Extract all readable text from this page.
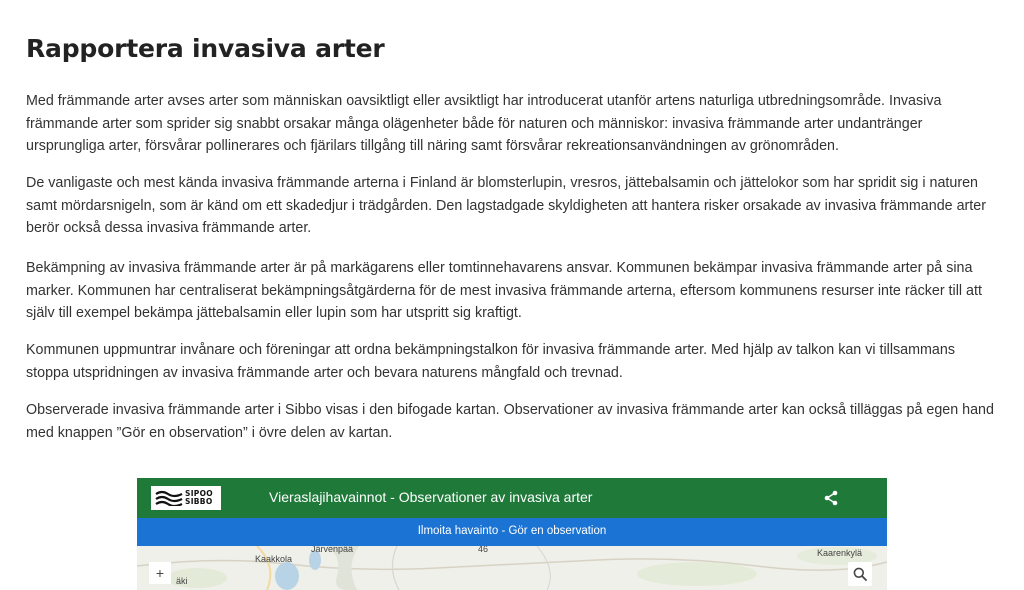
Rapportera invasiva arter

Med främmande arter avses arter som människan oavsiktligt eller avsiktligt har introducerat utanför artens naturliga utbredningsområde. Invasiva främmande arter som sprider sig snabbt orsakar många olägenheter både för naturen och människor: invasiva främmande arter undantränger ursprungliga arter, försvårar pollinerares och fjärilars tillgång till näring samt försvårar rekreationsanvändningen av grönområden.

De vanligaste och mest kända invasiva främmande arterna i Finland är blomsterlupin, vresros, jättebalsamin och jättelokor som har spridit sig i naturen samt mördarsnigeln, som är känd om ett skadedjur i trädgården. Den lagstadgade skyldigheten att hantera risker orsakade av invasiva främmande arter berör också dessa invasiva främmande arter.

Bekämpning av invasiva främmande arter är på markägarens eller tomtinnehavarens ansvar. Kommunen bekämpar invasiva främmande arter på sina marker. Kommunen har centraliserat bekämpningsåtgärderna för de mest invasiva främmande arterna, eftersom kommunens resurser inte räcker till att själv till exempel bekämpa jättebalsamin eller lupin som har utspritt sig kraftigt.

Kommunen uppmuntrar invånare och föreningar att ordna bekämpningstalkon för invasiva främmande arter. Med hjälp av talkon kan vi tillsammans stoppa utspridningen av invasiva främmande arter och bevara naturens mångfald och trevnad.

Observerade invasiva främmande arter i Sibbo visas i den bifogade kartan. Observationer av invasiva främmande arter kan också tilläggas på egen hand med knappen ”Gör en observation” i övre delen av kartan.

SIPOO
SIBBO	Vieraslajihavainnot - Observationer av invasiva arter
Ilmoita havainto - Gör en observation
Järvenpää
Kaakkola
äki
Kaarenkylä
46
+
